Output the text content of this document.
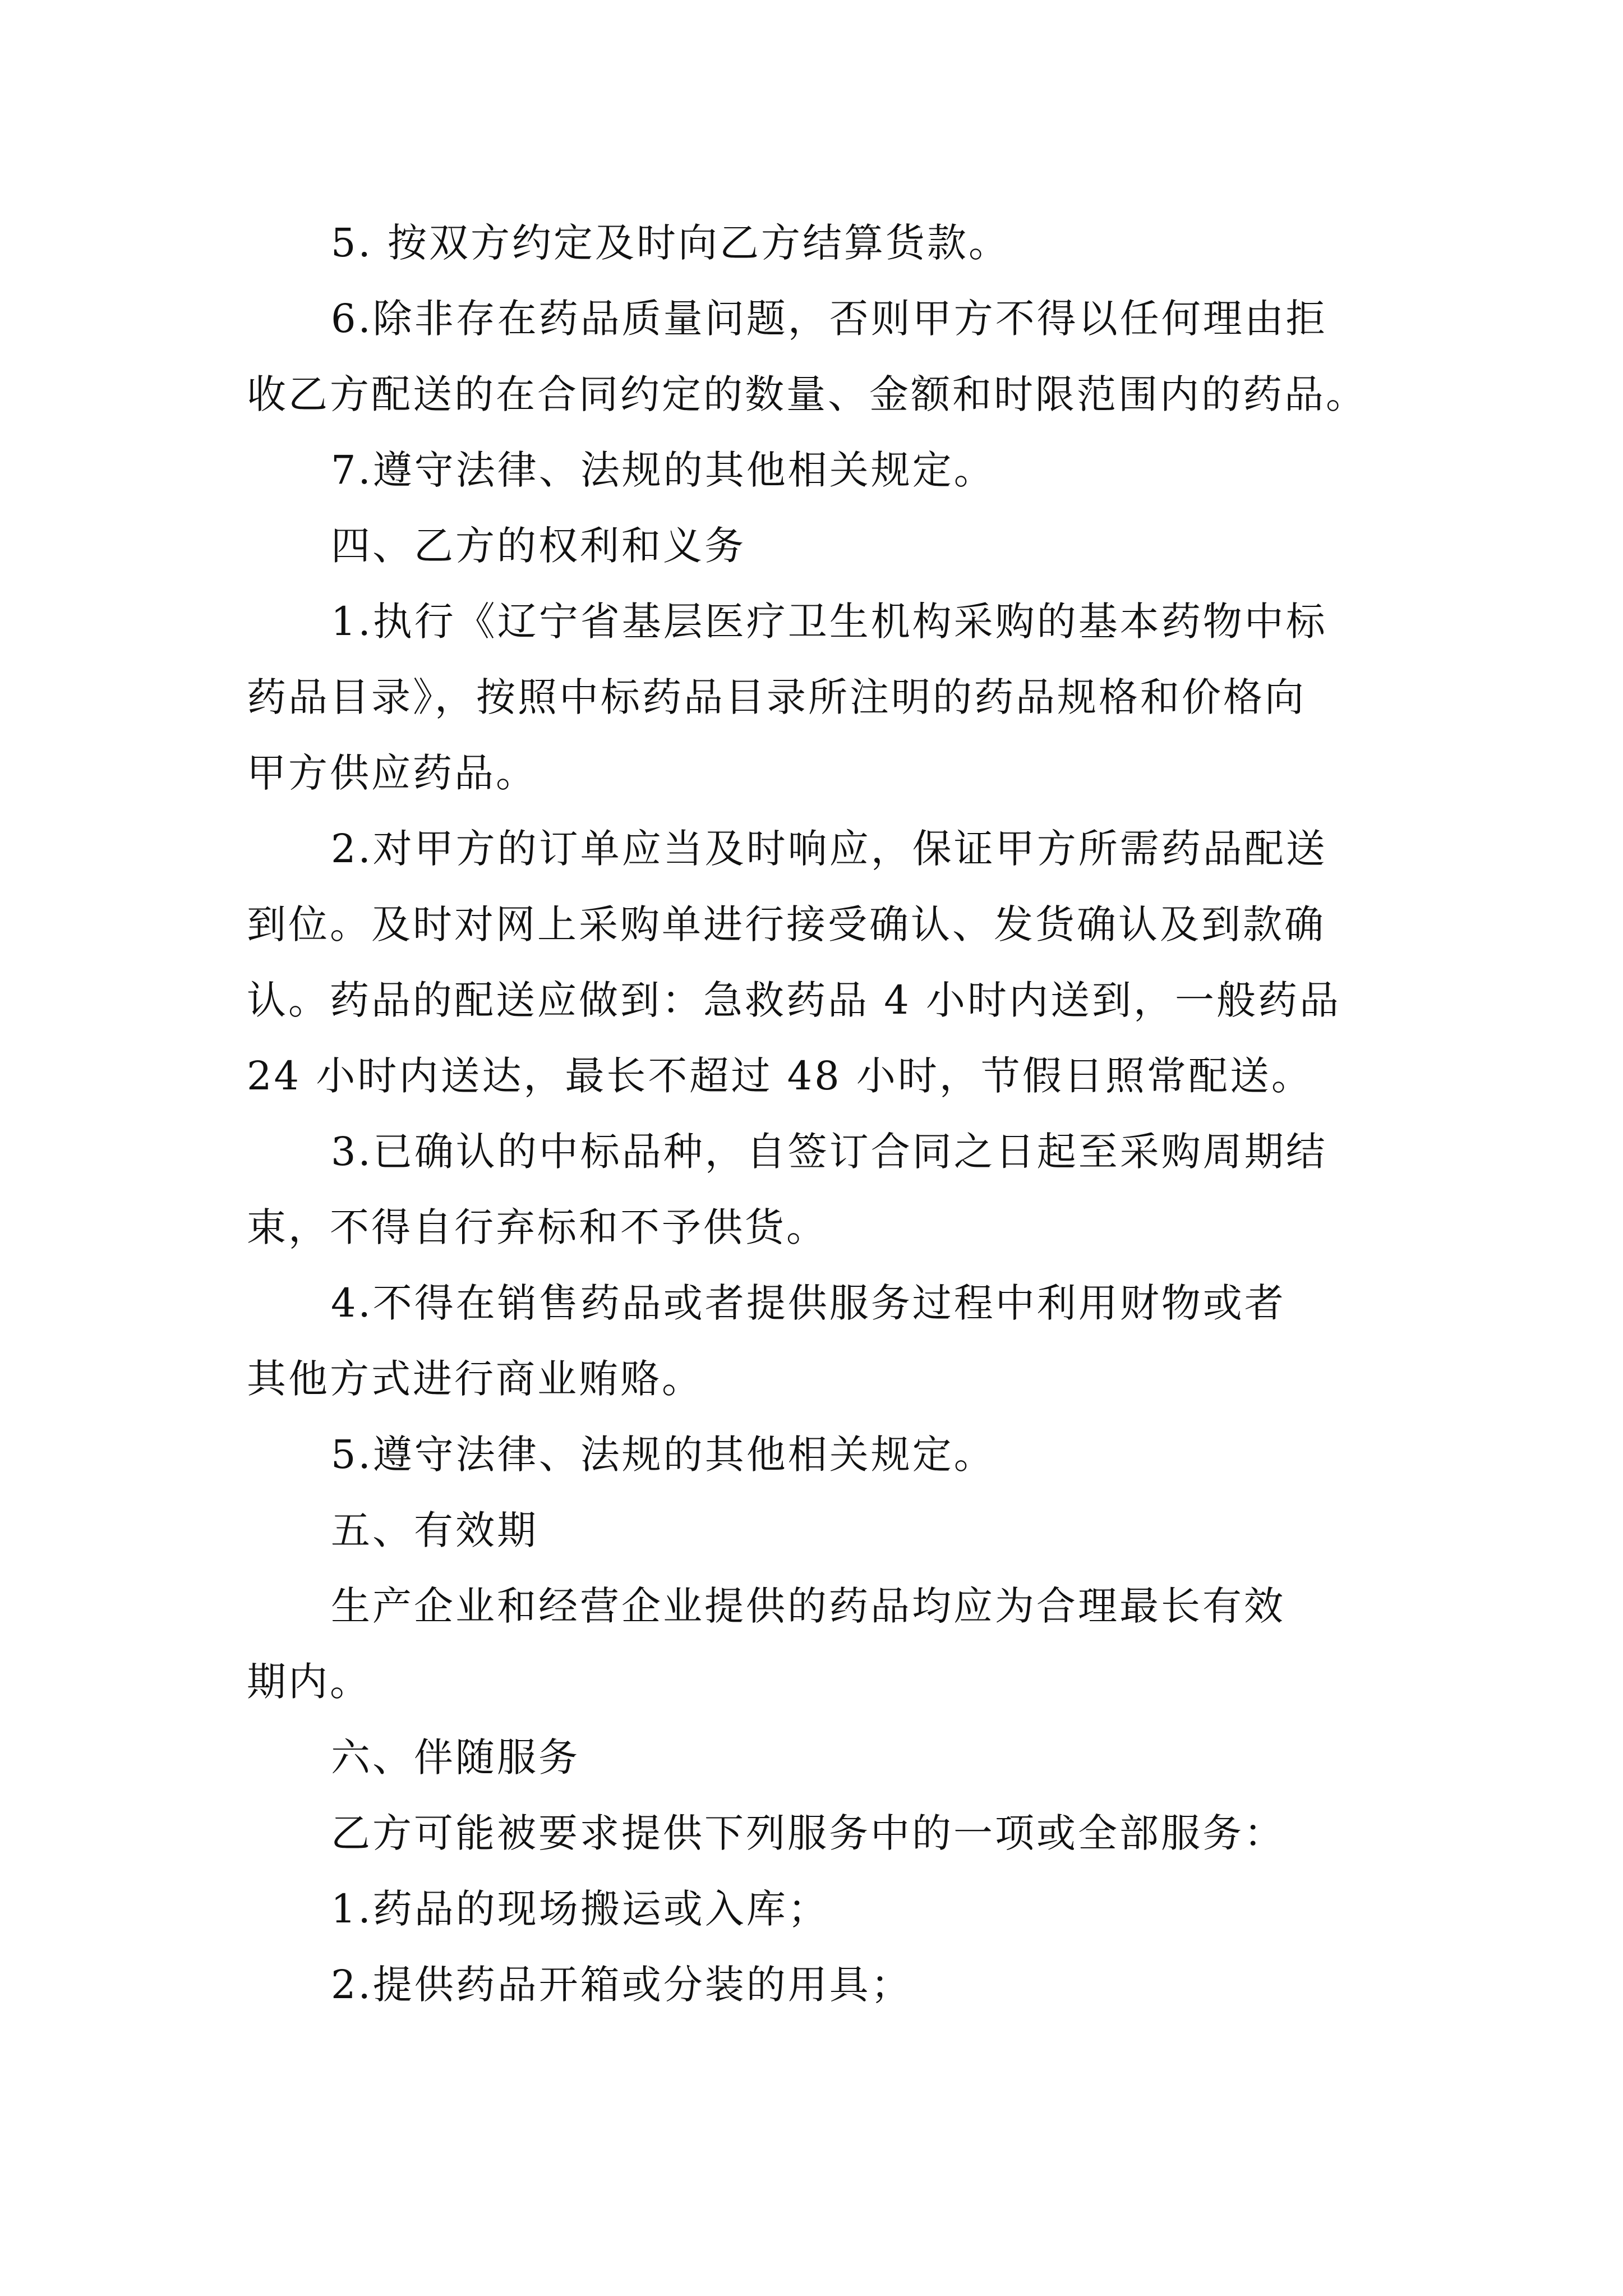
5. 按双方约定及时向乙方结算货款。
6.除非存在药品质量问题，否则甲方不得以任何理由拒
收乙方配送的在合同约定的数量、金额和时限范围内的药品。
7.遵守法律、法规的其他相关规定。
四、乙方的权利和义务
1.执行《辽宁省基层医疗卫生机构采购的基本药物中标
药品目录》，按照中标药品目录所注明的药品规格和价格向
甲方供应药品。
2.对甲方的订单应当及时响应，保证甲方所需药品配送
到位。及时对网上采购单进行接受确认、发货确认及到款确
认。药品的配送应做到：急救药品 4 小时内送到，一般药品
24 小时内送达，最长不超过 48 小时，节假日照常配送。
3.已确认的中标品种，自签订合同之日起至采购周期结
束，不得自行弃标和不予供货。
4.不得在销售药品或者提供服务过程中利用财物或者
其他方式进行商业贿赂。
5.遵守法律、法规的其他相关规定。
五、有效期
生产企业和经营企业提供的药品均应为合理最长有效
期内。
六、伴随服务
乙方可能被要求提供下列服务中的一项或全部服务：
1.药品的现场搬运或入库；
2.提供药品开箱或分装的用具；
